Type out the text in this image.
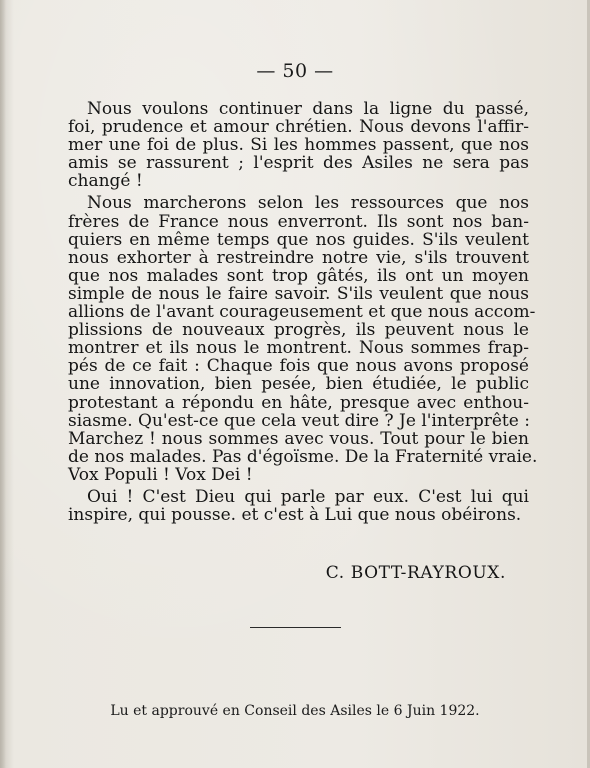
— 50 —
Nous voulons continuer dans la ligne du passé,
foi, prudence et amour chrétien. Nous devons l'affir-
mer une foi de plus. Si les hommes passent, que nos
amis se rassurent ; l'esprit des Asiles ne sera pas
changé !
Nous marcherons selon les ressources que nos
frères de France nous enverront. Ils sont nos ban-
quiers en même temps que nos guides. S'ils veulent
nous exhorter à restreindre notre vie, s'ils trouvent
que nos malades sont trop gâtés, ils ont un moyen
simple de nous le faire savoir. S'ils veulent que nous
allions de l'avant courageusement et que nous accom-
plissions de nouveaux progrès, ils peuvent nous le
montrer et ils nous le montrent. Nous sommes frap-
pés de ce fait : Chaque fois que nous avons proposé
une innovation, bien pesée, bien étudiée, le public
protestant a répondu en hâte, presque avec enthou-
siasme. Qu'est-ce que cela veut dire ? Je l'interprête :
Marchez ! nous sommes avec vous. Tout pour le bien
de nos malades. Pas d'égoïsme. De la Fraternité vraie.
Vox Populi ! Vox Dei !
Oui ! C'est Dieu qui parle par eux. C'est lui qui
inspire, qui pousse. et c'est à Lui que nous obéirons.
C. BOTT-RAYROUX.
Lu et approuvé en Conseil des Asiles le 6 Juin 1922.
